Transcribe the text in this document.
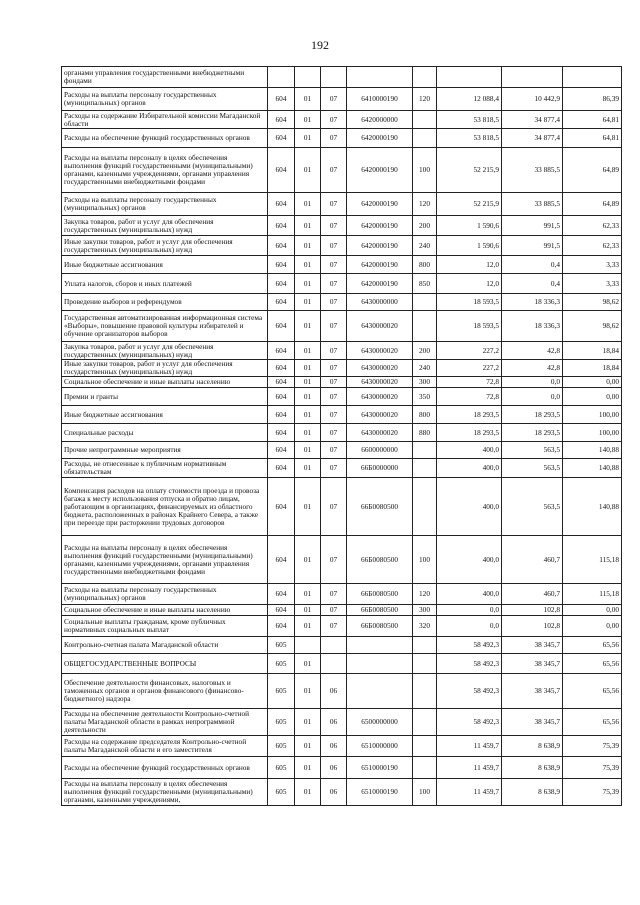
192
органами управления государственными внебюджетными фондами								
Расходы на выплаты персоналу государственных (муниципальных) органов	604	01	07	6410000190	120	12 088,4	10 442,9	86,39
Расходы на содержание Избирательной комиссии Магаданской области	604	01	07	6420000000		53 818,5	34 877,4	64,81
Расходы на обеспечение функций государственных органов	604	01	07	6420000190		53 818,5	34 877,4	64,81
Расходы на выплаты персоналу в целях обеспечения выполнения функций государственными (муниципальными) органами, казенными учреждениями, органами управления государственными внебюджетными фондами	604	01	07	6420000190	100	52 215,9	33 885,5	64,89
Расходы на выплаты персоналу государственных (муниципальных) органов	604	01	07	6420000190	120	52 215,9	33 885,5	64,89
Закупка товаров, работ и услуг для обеспечения государственных (муниципальных) нужд	604	01	07	6420000190	200	1 590,6	991,5	62,33
Иные закупки товаров, работ и услуг для обеспечения государственных (муниципальных) нужд	604	01	07	6420000190	240	1 590,6	991,5	62,33
Иные бюджетные ассигнования	604	01	07	6420000190	800	12,0	0,4	3,33
Уплата налогов, сборов и иных платежей	604	01	07	6420000190	850	12,0	0,4	3,33
Проведение выборов и референдумов	604	01	07	6430000000		18 593,5	18 336,3	98,62
Государственная автоматизированная информационная система «Выборы», повышение правовой культуры избирателей и обучение организаторов выборов	604	01	07	6430000020		18 593,5	18 336,3	98,62
Закупка товаров, работ и услуг для обеспечения государственных (муниципальных) нужд	604	01	07	6430000020	200	227,2	42,8	18,84
Иные закупки товаров, работ и услуг для обеспечения государственных (муниципальных) нужд	604	01	07	6430000020	240	227,2	42,8	18,84
Социальное обеспечение и иные выплаты населению	604	01	07	6430000020	300	72,8	0,0	0,00
Премии и гранты	604	01	07	6430000020	350	72,8	0,0	0,00
Иные бюджетные ассигнования	604	01	07	6430000020	800	18 293,5	18 293,5	100,00
Специальные расходы	604	01	07	6430000020	880	18 293,5	18 293,5	100,00
Прочие непрограммные мероприятия	604	01	07	6600000000		400,0	563,5	140,88
Расходы, не отнесенные к публичным нормативным обязательствам	604	01	07	66Б0000000		400,0	563,5	140,88
Компенсация расходов на оплату стоимости проезда и провоза багажа к месту использования отпуска и обратно лицам, работающим в организациях, финансируемых из областного бюджета, расположенных в районах Крайнего Севера, а также при переезде при расторжении трудовых договоров	604	01	07	66Б0080500		400,0	563,5	140,88
Расходы на выплаты персоналу в целях обеспечения выполнения функций государственными (муниципальными) органами, казенными учреждениями, органами управления государственными внебюджетными фондами	604	01	07	66Б0080500	100	400,0	460,7	115,18
Расходы на выплаты персоналу государственных (муниципальных) органов	604	01	07	66Б0080500	120	400,0	460,7	115,18
Социальное обеспечение и иные выплаты населению	604	01	07	66Б0080500	300	0,0	102,8	0,00
Социальные выплаты гражданам, кроме публичных нормативных социальных выплат	604	01	07	66Б0080500	320	0,0	102,8	0,00
Контрольно-счетная палата Магаданской области	605					58 492,3	38 345,7	65,56
ОБЩЕГОСУДАРСТВЕННЫЕ ВОПРОСЫ	605	01				58 492,3	38 345,7	65,56
Обеспечение деятельности финансовых, налоговых и таможенных органов и органов финансового (финансово-бюджетного) надзора	605	01	06			58 492,3	38 345,7	65,56
Расходы на обеспечение деятельности Контрольно-счетной палаты Магаданской области в рамках непрограммной деятельности	605	01	06	6500000000		58 492,3	38 345,7	65,56
Расходы на содержание председателя Контрольно-счетной палаты Магаданской области и его заместителя	605	01	06	6510000000		11 459,7	8 638,9	75,39
Расходы на обеспечение функций государственных органов	605	01	06	6510000190		11 459,7	8 638,9	75,39
Расходы на выплаты персоналу в целях обеспечения выполнения функций государственными (муниципальными) органами, казенными учреждениями,	605	01	06	6510000190	100	11 459,7	8 638,9	75,39
